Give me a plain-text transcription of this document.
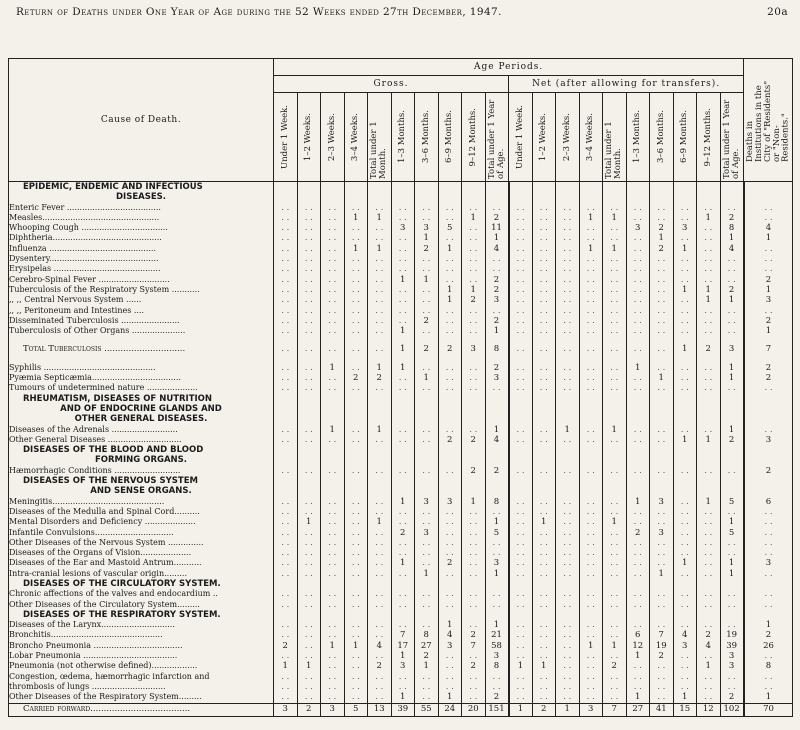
Return of Deaths under One Year of Age during the 52 Weeks ended 27th December, 1947.	20a
Cause of Death.	Age Periods.																				Deaths in Institutions in the City of "Residents" or "Non-Residents."

	Gross.										Net (after allowing for transfers).										

	Under 1 Week.	1–2 Weeks.	2–3 Weeks.	3–4 Weeks.	Total under 1 Month.	1–3 Months.	3–6 Months.	6–9 Months.	9–12 Months.	Total under 1 Year of Age.	Under 1 Week.	1–2 Weeks.	2–3 Weeks.	3–4 Weeks.	Total under 1 Month.	1–3 Months.	3–6 Months.	6–9 Months.	9–12 Months.	Total under 1 Year of Age.	

EPIDEMIC, ENDEMIC AND INFECTIOUS																					
DISEASES.																					
Enteric Fever .....................................	. .	. .	. .	. .	. .	. .	. .	. .	. .	. .	. .	. .	. .	. .	. .	. .	. .	. .	. .	. .	. .
Measles..............................................	. .	. .	. .	1	1	. .	. .	. .	1	2	. .	. .	. .	1	1	. .	. .	. .	1	2	. .
Whooping Cough ..................................	. .	. .	. .	. .	. .	3	3	5	. .	11	. .	. .	. .	. .	. .	3	2	3	. .	8	4
Diphtheria...........................................	. .	. .	. .	. .	. .	. .	1	. .	. .	1	. .	. .	. .	. .	. .	. .	1	. .	. .	1	1
Influenza ..........................................	. .	. .	. .	1	1	. .	2	1	. .	4	. .	. .	. .	1	1	. .	2	1	. .	4	. .
Dysentery...........................................	. .	. .	. .	. .	. .	. .	. .	. .	. .	. .	. .	. .	. .	. .	. .	. .	. .	. .	. .	. .	. .
Erysipelas ..........................................	. .	. .	. .	. .	. .	. .	. .	. .	. .	. .	. .	. .	. .	. .	. .	. .	. .	. .	. .	. .	. .
Cerebro-Spinal Fever ............................	. .	. .	. .	. .	. .	1	1	. .	. .	2	. .	. .	. .	. .	. .	. .	. .	. .	. .	. .	2
Tuberculosis of the Respiratory System ...........	. .	. .	. .	. .	. .	. .	. .	1	1	2	. .	. .	. .	. .	. .	. .	. .	1	1	2	1
,, ,, Central Nervous System ......	. .	. .	. .	. .	. .	. .	. .	1	2	3	. .	. .	. .	. .	. .	. .	. .	. .	1	1	3
,, ,, Peritoneum and Intestines ....	. .	. .	. .	. .	. .	. .	. .	. .	. .	. .	. .	. .	. .	. .	. .	. .	. .	. .	. .	. .	. .
Disseminated Tuberculosis .......................	. .	. .	. .	. .	. .	. .	2	. .	. .	2	. .	. .	. .	. .	. .	. .	. .	. .	. .	. .	2
Tuberculosis of Other Organs .....................	. .	. .	. .	. .	. .	1	. .	. .	. .	1	. .	. .	. .	. .	. .	. .	. .	. .	. .	. .	1

Total Tuberculosis ..............................	. .	. .	. .	. .	. .	1	2	2	3	8	. .	. .	. .	. .	. .	. .	. .	1	2	3	7

Syphilis ............................................	. .	. .	1	. .	1	1	. .	. .	. .	2	. .	. .	. .	. .	. .	1	. .	. .	. .	1	2
Pyæmia Septicæmia...................................	. .	. .	. .	2	2	. .	1	. .	. .	3	. .	. .	. .	. .	. .	. .	1	. .	. .	1	2
Tumours of undetermined nature ....................	. .	. .	. .	. .	. .	. .	. .	. .	. .	. .	. .	. .	. .	. .	. .	. .	. .	. .	. .	. .	. .
RHEUMATISM, DISEASES OF NUTRITION																					
AND OF ENDOCRINE GLANDS AND																					
OTHER GENERAL DISEASES.																					
Diseases of the Adrenals ..........................	. .	. .	1	. .	1	. .	. .	. .	. .	1	. .	. .	1	. .	1	. .	. .	. .	. .	1	. .
Other General Diseases .............................	. .	. .	. .	. .	. .	. .	. .	2	2	4	. .	. .	. .	. .	. .	. .	. .	1	1	2	3
DISEASES OF THE BLOOD AND BLOOD																					
FORMING ORGANS.																					
Hæmorrhagic Conditions ..........................	. .	. .	. .	. .	. .	. .	. .	. .	2	2	. .	. .	. .	. .	. .	. .	. .	. .	. .	. .	2
DISEASES OF THE NERVOUS SYSTEM																					
AND SENSE ORGANS.																					
Meningitis............................................	. .	. .	. .	. .	. .	1	3	3	1	8	. .	. .	. .	. .	. .	1	3	. .	1	5	6
Diseases of the Medulla and Spinal Cord..........	. .	. .	. .	. .	. .	. .	. .	. .	. .	. .	. .	. .	. .	. .	. .	. .	. .	. .	. .	. .	. .
Mental Disorders and Deficiency ....................	. .	1	. .	. .	1	. .	. .	. .	. .	1	. .	1	. .	. .	1	. .	. .	. .	. .	1	. .
Infantile Convulsions...............................	. .	. .	. .	. .	. .	2	3	. .	. .	5	. .	. .	. .	. .	. .	2	3	. .	. .	5	. .
Other Diseases of the Nervous System ..............	. .	. .	. .	. .	. .	. .	. .	. .	. .	. .	. .	. .	. .	. .	. .	. .	. .	. .	. .	. .	. .
Diseases of the Organs of Vision....................	. .	. .	. .	. .	. .	. .	. .	. .	. .	. .	. .	. .	. .	. .	. .	. .	. .	. .	. .	. .	. .
Diseases of the Ear and Mastoid Antrum...........	. .	. .	. .	. .	. .	1	. .	2	. .	3	. .	. .	. .	. .	. .	. .	. .	1	. .	1	3
Intra-cranial lesions of vascular origin.........	. .	. .	. .	. .	. .	. .	1	. .	. .	1	. .	. .	. .	. .	. .	. .	1	. .	. .	1	. .
DISEASES OF THE CIRCULATORY SYSTEM.																					
Chronic affections of the valves and endocardium ..	. .	. .	. .	. .	. .	. .	. .	. .	. .	. .	. .	. .	. .	. .	. .	. .	. .	. .	. .	. .	. .
Other Diseases of the Circulatory System.........	. .	. .	. .	. .	. .	. .	. .	. .	. .	. .	. .	. .	. .	. .	. .	. .	. .	. .	. .	. .	. .
DISEASES OF THE RESPIRATORY SYSTEM.																					
Diseases of the Larynx.............................	. .	. .	. .	. .	. .	. .	. .	1	. .	1	. .	. .	. .	. .	. .	. .	. .	. .	. .	. .	1
Bronchitis............................................	. .	. .	. .	. .	. .	7	8	4	2	21	. .	. .	. .	. .	. .	6	7	4	2	19	2
Broncho Pneumonia ...................................	2	. .	1	1	4	17	27	3	7	58	. .	. .	. .	1	1	12	19	3	4	39	26
Lobar Pneumonia .....................................	. .	. .	. .	. .	. .	1	2	. .	. .	3	. .	. .	. .	. .	. .	1	2	. .	. .	3	. .
Pneumonia (not otherwise defined)..................	1	1	. .	. .	2	3	1	. .	2	8	1	1	. .	. .	2	. .	. .	. .	1	3	8
Congestion, œdema, hæmorrhagic infarction and	. .	. .	. .	. .	. .	. .	. .	. .	. .	. .	. .	. .	. .	. .	. .	. .	. .	. .	. .	. .	. .
thrombosis of lungs .............................	. .	. .	. .	. .	. .	. .	. .	. .	. .	. .	. .	. .	. .	. .	. .	. .	. .	. .	. .	. .	. .
Other Diseases of the Respiratory System.........	. .	. .	. .	. .	. .	1	. .	1	. .	2	. .	. .	. .	. .	. .	1	. .	1	. .	2	1
Carried forward.....................................	3	2	3	5	13	39	55	24	20	151	1	2	1	3	7	27	41	15	12	102	70
